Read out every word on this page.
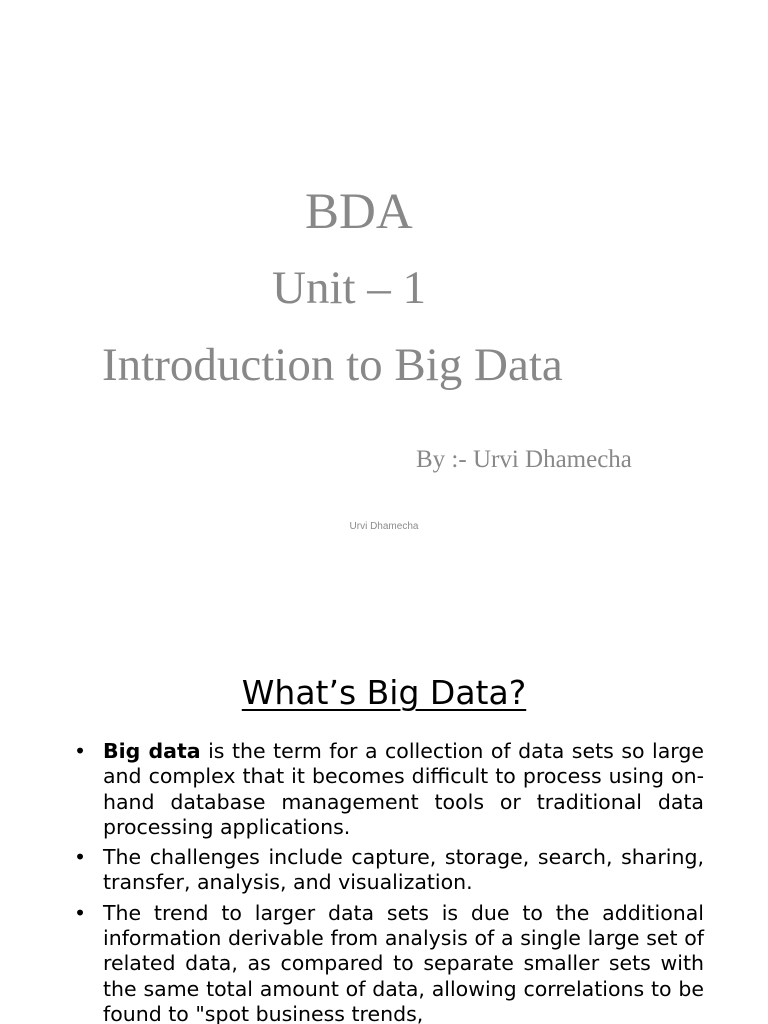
BDA
Unit – 1
Introduction to Big Data
By :- Urvi Dhamecha
Urvi Dhamecha
What’s Big Data?
• Big data is the term for a collection of data sets so large and complex that it becomes difficult to process using on-hand database management tools or traditional data processing applications.
• The challenges include capture, storage, search, sharing, transfer, analysis, and visualization.
• The trend to larger data sets is due to the additional information derivable from analysis of a single large set of related data, as compared to separate smaller sets with the same total amount of data, allowing correlations to be found to "spot business trends,
